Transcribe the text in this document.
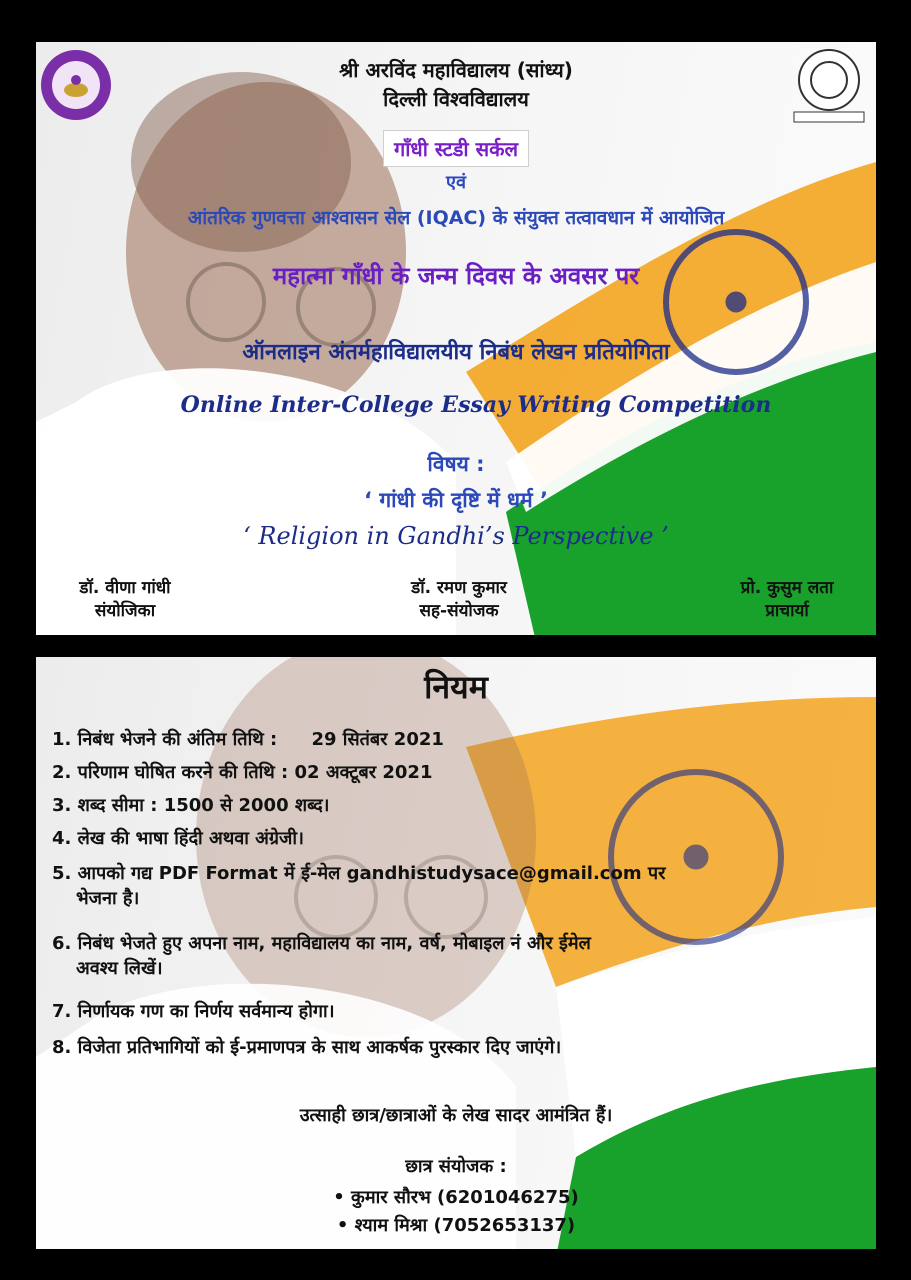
श्री अरविंद महाविद्यालय (सांध्य)
दिल्ली विश्वविद्यालय
गाँधी स्टडी सर्कल
एवं
आंतरिक गुणवत्ता आश्वासन सेल (IQAC) के संयुक्त तत्वावधान में आयोजित
महात्मा गाँधी के जन्म दिवस के अवसर पर
ऑनलाइन अंतर्महाविद्यालयीय निबंध लेखन प्रतियोगिता
Online Inter-College Essay Writing Competition
विषय :
‘ गांधी की दृष्टि में धर्म ’
‘ Religion in Gandhi’s Perspective ’
डॉ. वीणा गांधी
संयोजिका
डॉ. रमण कुमार
सह-संयोजक
प्रो. कुसुम लता
प्राचार्या
नियम
1. निबंध भेजने की अंतिम तिथि : 29 सितंबर 2021
2. परिणाम घोषित करने की तिथि : 02 अक्टूबर 2021
3. शब्द सीमा : 1500 से 2000 शब्द।
4. लेख की भाषा हिंदी अथवा अंग्रेजी।
5. आपको गद्य PDF Format में ई-मेल gandhistudysace@gmail.com पर
भेजना है।
6. निबंध भेजते हुए अपना नाम, महाविद्यालय का नाम, वर्ष, मोबाइल नं और ईमेल
अवश्य लिखें।
7. निर्णायक गण का निर्णय सर्वमान्य होगा।
8. विजेता प्रतिभागियों को ई-प्रमाणपत्र के साथ आकर्षक पुरस्कार दिए जाएंगे।
उत्साही छात्र/छात्राओं के लेख सादर आमंत्रित हैं।
छात्र संयोजक :
• कुमार सौरभ (6201046275)
• श्याम मिश्रा (7052653137)
